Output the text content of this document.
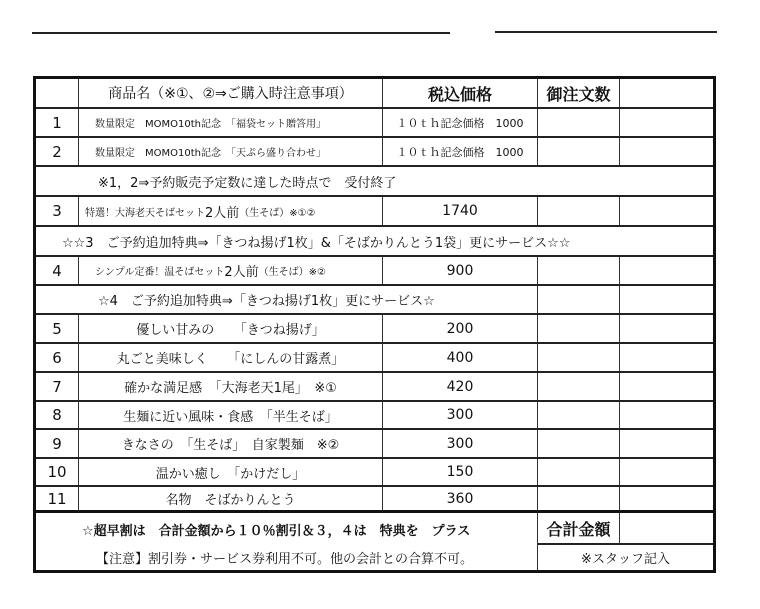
商品名（※①、②⇒ご購入時注意事項）	税込価格	御注文数
1	数量限定　MOMO10th記念　「福袋セット贈答用」	１０ｔｈ記念価格　1000
2	数量限定　MOMO10th記念　「天ぷら盛り合わせ」	１０ｔｈ記念価格　1000
※1，2⇒予約販売予定数に達した時点で　受付終了
3 特選！大海老天そばセット 2人前 （生そば）※①②	1740
☆☆3　ご予約追加特典⇒「きつね揚げ1枚」&「そばかりんとう1袋」更にサービス☆☆
4	シンプル定番！温そばセット 2人前 （生そば）※②	900
☆4　ご予約追加特典⇒「きつね揚げ1枚」更にサービス☆
5	優しい甘みの　　「きつね揚げ」	200
6	丸ごと美味しく　　「にしんの甘露煮」	400
7	確かな満足感　「大海老天1尾」　※①	420
8	生麺に近い風味・食感　「半生そば」	300
9	きなさの　「生そば」　自家製麺　※②	300
10	温かい癒し　「かけだし」	150
11	名物　そばかりんとう	360
☆超早割は　合計金額から１０％割引＆３，４は　特典を　プラス	合計金額
【注意】割引券・サービス券利用不可。他の会計との合算不可。	※スタッフ記入
